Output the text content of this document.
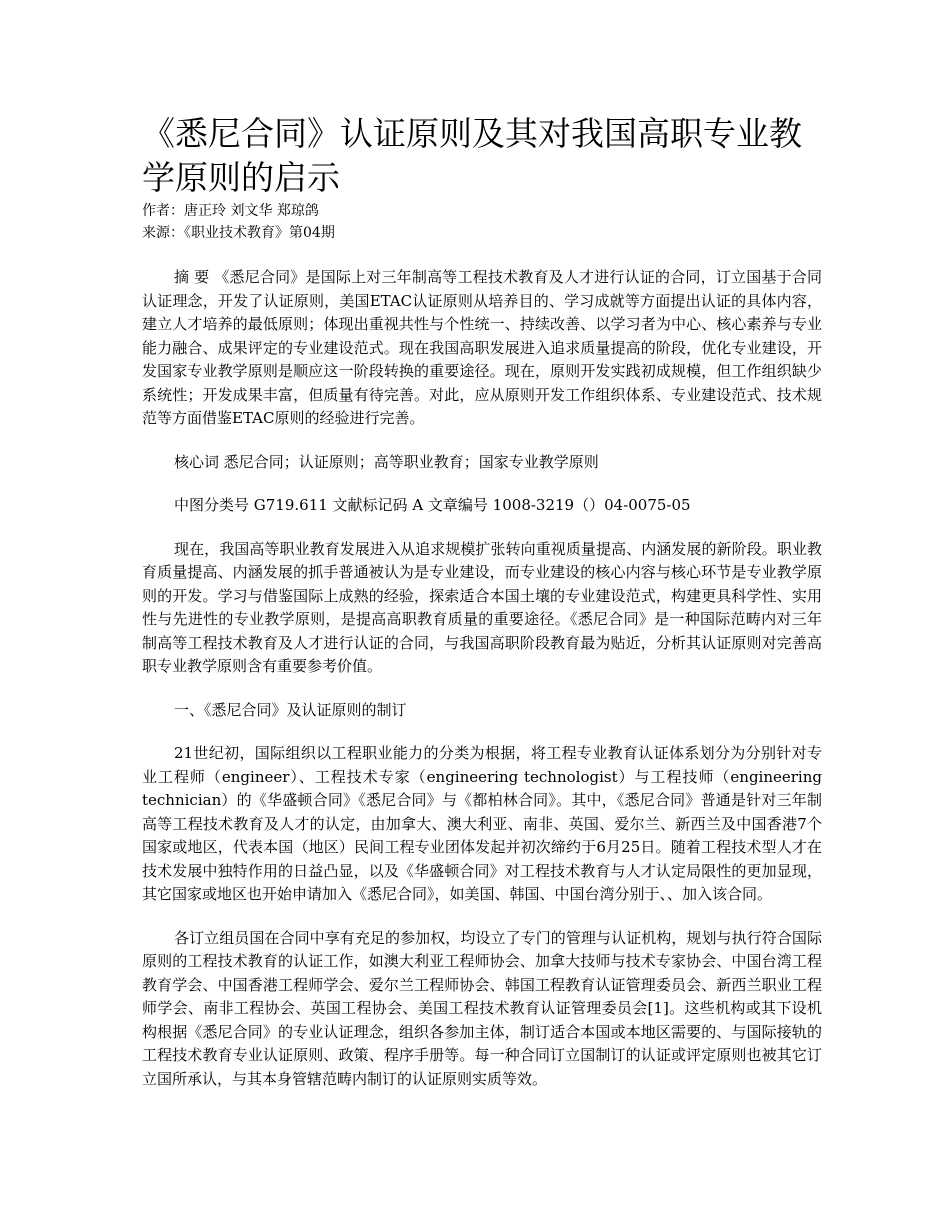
《悉尼合同》认证原则及其对我国高职专业教学原则的启示

作者：唐正玲 刘文华 郑琼鸽

来源：《职业技术教育》第04期

摘 要 《悉尼合同》是国际上对三年制高等工程技术教育及人才进行认证的合同，订立国基于合同认证理念，开发了认证原则，美国ETAC认证原则从培养目的、学习成就等方面提出认证的具体内容，建立人才培养的最低原则；体现出重视共性与个性统一、持续改善、以学习者为中心、核心素养与专业能力融合、成果评定的专业建设范式。现在我国高职发展进入追求质量提高的阶段，优化专业建设，开发国家专业教学原则是顺应这一阶段转换的重要途径。现在，原则开发实践初成规模，但工作组织缺少系统性；开发成果丰富，但质量有待完善。对此，应从原则开发工作组织体系、专业建设范式、技术规范等方面借鉴ETAC原则的经验进行完善。

核心词 悉尼合同；认证原则；高等职业教育；国家专业教学原则

中图分类号 G719.611 文献标记码 A 文章编号 1008-3219（）04-0075-05

现在，我国高等职业教育发展进入从追求规模扩张转向重视质量提高、内涵发展的新阶段。职业教育质量提高、内涵发展的抓手普通被认为是专业建设，而专业建设的核心内容与核心环节是专业教学原则的开发。学习与借鉴国际上成熟的经验，探索适合本国土壤的专业建设范式，构建更具科学性、实用性与先进性的专业教学原则，是提高高职教育质量的重要途径。《悉尼合同》是一种国际范畴内对三年制高等工程技术教育及人才进行认证的合同，与我国高职阶段教育最为贴近，分析其认证原则对完善高职专业教学原则含有重要参考价值。

一、《悉尼合同》及认证原则的制订

21世纪初，国际组织以工程职业能力的分类为根据，将工程专业教育认证体系划分为分别针对专业工程师（engineer）、工程技术专家（engineering technologist）与工程技师（engineering technician）的《华盛顿合同》《悉尼合同》与《都柏林合同》。其中，《悉尼合同》普通是针对三年制高等工程技术教育及人才的认定，由加拿大、澳大利亚、南非、英国、爱尔兰、新西兰及中国香港7个国家或地区，代表本国（地区）民间工程专业团体发起并初次缔约于6月25日。随着工程技术型人才在技术发展中独特作用的日益凸显，以及《华盛顿合同》对工程技术教育与人才认定局限性的更加显现，其它国家或地区也开始申请加入《悉尼合同》，如美国、韩国、中国台湾分别于、、加入该合同。

各订立组员国在合同中享有充足的参加权，均设立了专门的管理与认证机构，规划与执行符合国际原则的工程技术教育的认证工作，如澳大利亚工程师协会、加拿大技师与技术专家协会、中国台湾工程教育学会、中国香港工程师学会、爱尔兰工程师协会、韩国工程教育认证管理委员会、新西兰职业工程师学会、南非工程协会、英国工程协会、美国工程技术教育认证管理委员会[1]。这些机构或其下设机构根据《悉尼合同》的专业认证理念，组织各参加主体，制订适合本国或本地区需要的、与国际接轨的工程技术教育专业认证原则、政策、程序手册等。每一种合同订立国制订的认证或评定原则也被其它订立国所承认，与其本身管辖范畴内制订的认证原则实质等效。
